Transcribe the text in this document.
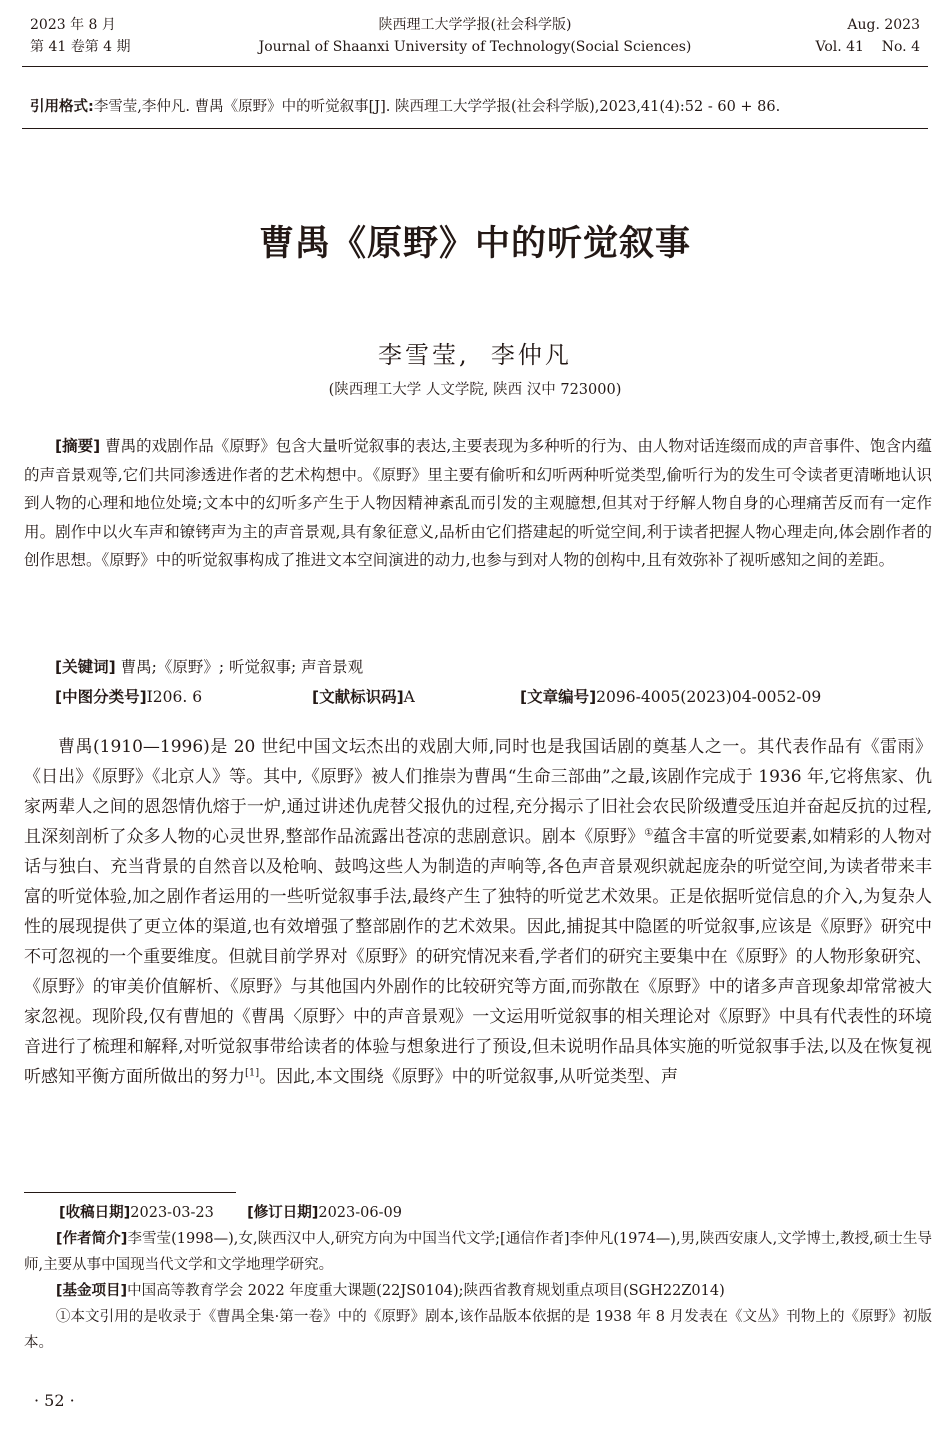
2023 年 8 月
第 41 卷第 4 期
陕西理工大学学报(社会科学版)
Journal of Shaanxi University of Technology(Social Sciences)
Aug. 2023
Vol. 41    No. 4
引用格式:李雪莹,李仲凡. 曹禺《原野》中的听觉叙事[J]. 陕西理工大学学报(社会科学版),2023,41(4):52 - 60 + 86.
曹禺《原野》中的听觉叙事
李雪莹,  李仲凡
(陕西理工大学 人文学院, 陕西 汉中 723000)
[摘要] 曹禺的戏剧作品《原野》包含大量听觉叙事的表达,主要表现为多种听的行为、由人物对话连缀而成的声音事件、饱含内蕴的声音景观等,它们共同渗透进作者的艺术构想中。《原野》里主要有偷听和幻听两种听觉类型,偷听行为的发生可令读者更清晰地认识到人物的心理和地位处境;文本中的幻听多产生于人物因精神紊乱而引发的主观臆想,但其对于纾解人物自身的心理痛苦反而有一定作用。剧作中以火车声和镣铐声为主的声音景观,具有象征意义,品析由它们搭建起的听觉空间,利于读者把握人物心理走向,体会剧作者的创作思想。《原野》中的听觉叙事构成了推进文本空间演进的动力,也参与到对人物的创构中,且有效弥补了视听感知之间的差距。
[关键词] 曹禺;《原野》; 听觉叙事; 声音景观
[中图分类号]I206. 6	[文献标识码]A	[文章编号]2096-4005(2023)04-0052-09
曹禺(1910—1996)是 20 世纪中国文坛杰出的戏剧大师,同时也是我国话剧的奠基人之一。其代表作品有《雷雨》《日出》《原野》《北京人》等。其中,《原野》被人们推崇为曹禺“生命三部曲”之最,该剧作完成于 1936 年,它将焦家、仇家两辈人之间的恩怨情仇熔于一炉,通过讲述仇虎替父报仇的过程,充分揭示了旧社会农民阶级遭受压迫并奋起反抗的过程,且深刻剖析了众多人物的心灵世界,整部作品流露出苍凉的悲剧意识。剧本《原野》①蕴含丰富的听觉要素,如精彩的人物对话与独白、充当背景的自然音以及枪响、鼓鸣这些人为制造的声响等,各色声音景观织就起庞杂的听觉空间,为读者带来丰富的听觉体验,加之剧作者运用的一些听觉叙事手法,最终产生了独特的听觉艺术效果。正是依据听觉信息的介入,为复杂人性的展现提供了更立体的渠道,也有效增强了整部剧作的艺术效果。因此,捕捉其中隐匿的听觉叙事,应该是《原野》研究中不可忽视的一个重要维度。但就目前学界对《原野》的研究情况来看,学者们的研究主要集中在《原野》的人物形象研究、《原野》的审美价值解析、《原野》与其他国内外剧作的比较研究等方面,而弥散在《原野》中的诸多声音现象却常常被大家忽视。现阶段,仅有曹旭的《曹禺〈原野〉中的声音景观》一文运用听觉叙事的相关理论对《原野》中具有代表性的环境音进行了梳理和解释,对听觉叙事带给读者的体验与想象进行了预设,但未说明作品具体实施的听觉叙事手法,以及在恢复视听感知平衡方面所做出的努力[1]。因此,本文围绕《原野》中的听觉叙事,从听觉类型、声
[收稿日期]2023-03-23 [修订日期]2023-06-09
[作者简介]李雪莹(1998—),女,陕西汉中人,研究方向为中国当代文学;[通信作者]李仲凡(1974—),男,陕西安康人,文学博士,教授,硕士生导师,主要从事中国现当代文学和文学地理学研究。
[基金项目]中国高等教育学会 2022 年度重大课题(22JS0104);陕西省教育规划重点项目(SGH22Z014)
①本文引用的是收录于《曹禺全集·第一卷》中的《原野》剧本,该作品版本依据的是 1938 年 8 月发表在《文丛》刊物上的《原野》初版本。
· 52 ·
